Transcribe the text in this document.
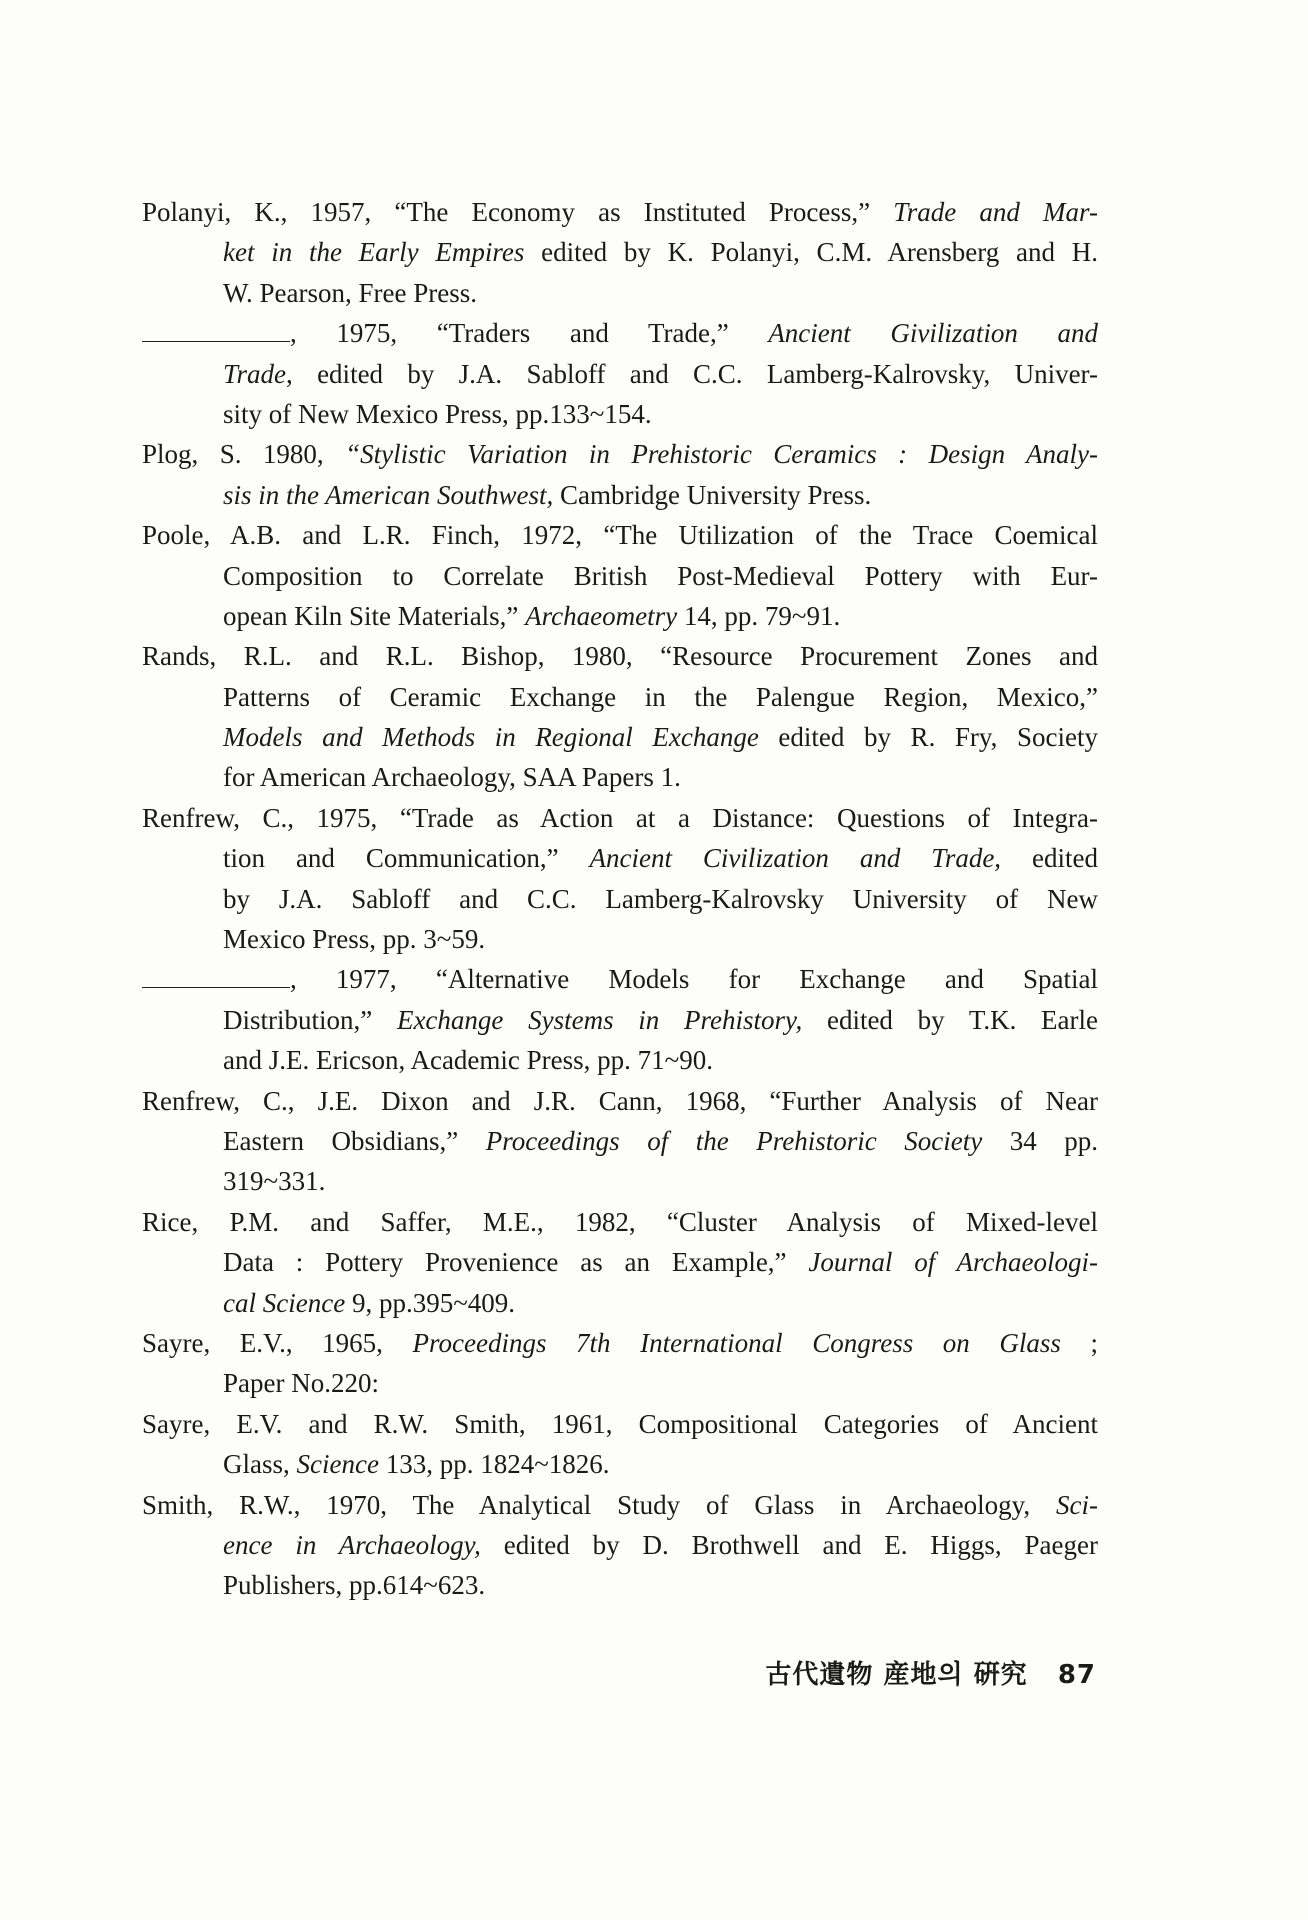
Polanyi, K., 1957, “The Economy as Instituted Process,” Trade and Mar-
ket in the Early Empires edited by K. Polanyi, C.M. Arensberg and H.
W. Pearson, Free Press.
, 1975, “Traders and Trade,” Ancient Givilization and
Trade, edited by J.A. Sabloff and C.C. Lamberg-Kalrovsky, Univer-
sity of New Mexico Press, pp.133~154.
Plog, S. 1980, “Stylistic Variation in Prehistoric Ceramics : Design Analy-
sis in the American Southwest, Cambridge University Press.
Poole, A.B. and L.R. Finch, 1972, “The Utilization of the Trace Coemical
Composition to Correlate British Post-Medieval Pottery with Eur-
opean Kiln Site Materials,” Archaeometry 14, pp. 79~91.
Rands, R.L. and R.L. Bishop, 1980, “Resource Procurement Zones and
Patterns of Ceramic Exchange in the Palengue Region, Mexico,”
Models and Methods in Regional Exchange edited by R. Fry, Society
for American Archaeology, SAA Papers 1.
Renfrew, C., 1975, “Trade as Action at a Distance: Questions of Integra-
tion and Communication,” Ancient Civilization and Trade, edited
by J.A. Sabloff and C.C. Lamberg-Kalrovsky University of New
Mexico Press, pp. 3~59.
, 1977, “Alternative Models for Exchange and Spatial
Distribution,” Exchange Systems in Prehistory, edited by T.K. Earle
and J.E. Ericson, Academic Press, pp. 71~90.
Renfrew, C., J.E. Dixon and J.R. Cann, 1968, “Further Analysis of Near
Eastern Obsidians,” Proceedings of the Prehistoric Society 34 pp.
319~331.
Rice, P.M. and Saffer, M.E., 1982, “Cluster Analysis of Mixed-level
Data : Pottery Provenience as an Example,” Journal of Archaeologi-
cal Science 9, pp.395~409.
Sayre, E.V., 1965, Proceedings 7th International Congress on Glass ;
Paper No.220:
Sayre, E.V. and R.W. Smith, 1961, Compositional Categories of Ancient
Glass, Science 133, pp. 1824~1826.
Smith, R.W., 1970, The Analytical Study of Glass in Archaeology, Sci-
ence in Archaeology, edited by D. Brothwell and E. Higgs, Paeger
Publishers, pp.614~623.
古代遺物 産地의 硏究 87
